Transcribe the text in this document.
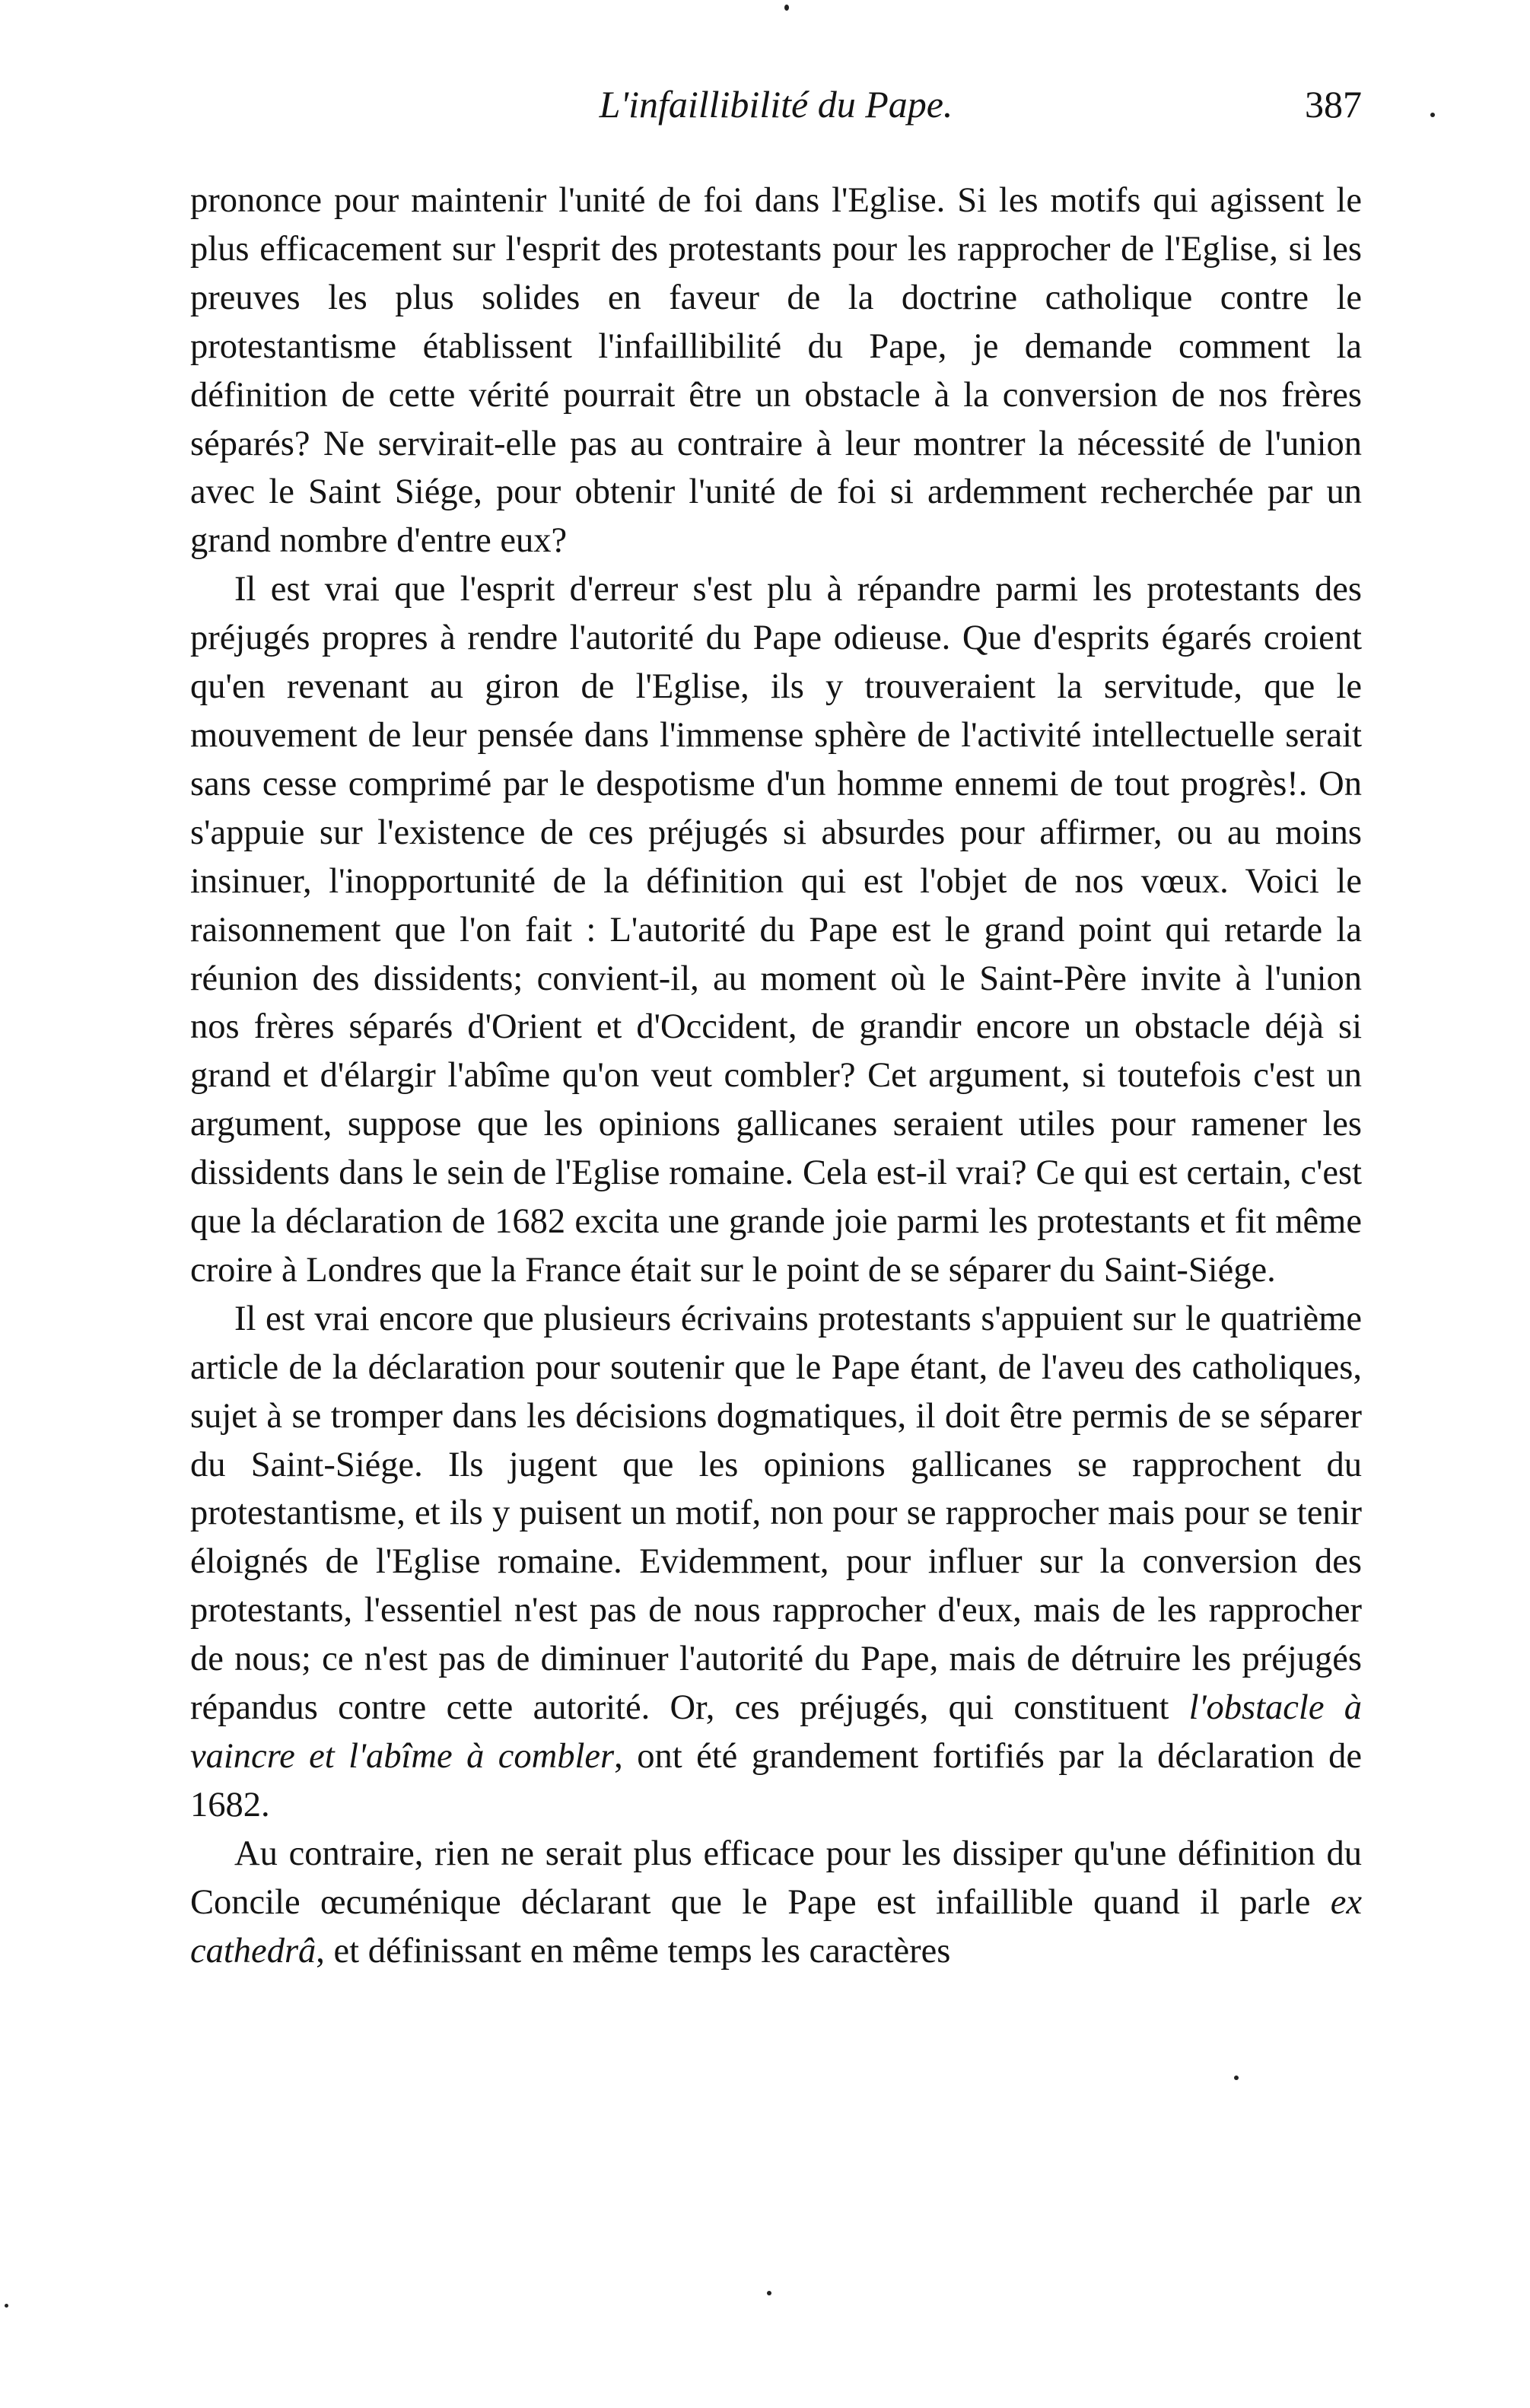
L'infaillibilité du Pape.	387

prononce pour maintenir l'unité de foi dans l'Eglise. Si les motifs qui agissent le plus efficacement sur l'esprit des protestants pour les rapprocher de l'Eglise, si les preuves les plus solides en faveur de la doctrine catholique contre le protestantisme établissent l'infaillibilité du Pape, je demande comment la définition de cette vérité pourrait être un obstacle à la conversion de nos frères séparés? Ne servirait-elle pas au contraire à leur montrer la nécessité de l'union avec le Saint Siége, pour obtenir l'unité de foi si ardemment recherchée par un grand nombre d'entre eux?

Il est vrai que l'esprit d'erreur s'est plu à répandre parmi les protestants des préjugés propres à rendre l'autorité du Pape odieuse. Que d'esprits égarés croient qu'en revenant au giron de l'Eglise, ils y trouveraient la servitude, que le mouvement de leur pensée dans l'immense sphère de l'activité intellectuelle serait sans cesse comprimé par le despotisme d'un homme ennemi de tout progrès!. On s'appuie sur l'existence de ces préjugés si absurdes pour affirmer, ou au moins insinuer, l'inopportunité de la définition qui est l'objet de nos vœux. Voici le raisonnement que l'on fait : L'autorité du Pape est le grand point qui retarde la réunion des dissidents; convient-il, au moment où le Saint-Père invite à l'union nos frères séparés d'Orient et d'Occident, de grandir encore un obstacle déjà si grand et d'élargir l'abîme qu'on veut combler? Cet argument, si toutefois c'est un argument, suppose que les opinions gallicanes seraient utiles pour ramener les dissidents dans le sein de l'Eglise romaine. Cela est-il vrai? Ce qui est certain, c'est que la déclaration de 1682 excita une grande joie parmi les protestants et fit même croire à Londres que la France était sur le point de se séparer du Saint-Siége.

Il est vrai encore que plusieurs écrivains protestants s'appuient sur le quatrième article de la déclaration pour soutenir que le Pape étant, de l'aveu des catholiques, sujet à se tromper dans les décisions dogmatiques, il doit être permis de se séparer du Saint-Siége. Ils jugent que les opinions gallicanes se rapprochent du protestantisme, et ils y puisent un motif, non pour se rapprocher mais pour se tenir éloignés de l'Eglise romaine. Evidemment, pour influer sur la conversion des protestants, l'essentiel n'est pas de nous rapprocher d'eux, mais de les rapprocher de nous; ce n'est pas de diminuer l'autorité du Pape, mais de détruire les préjugés répandus contre cette autorité. Or, ces préjugés, qui constituent l'obstacle à vaincre et l'abîme à combler, ont été grandement fortifiés par la déclaration de 1682.

Au contraire, rien ne serait plus efficace pour les dissiper qu'une définition du Concile œcuménique déclarant que le Pape est infaillible quand il parle ex cathedrâ, et définissant en même temps les caractères
